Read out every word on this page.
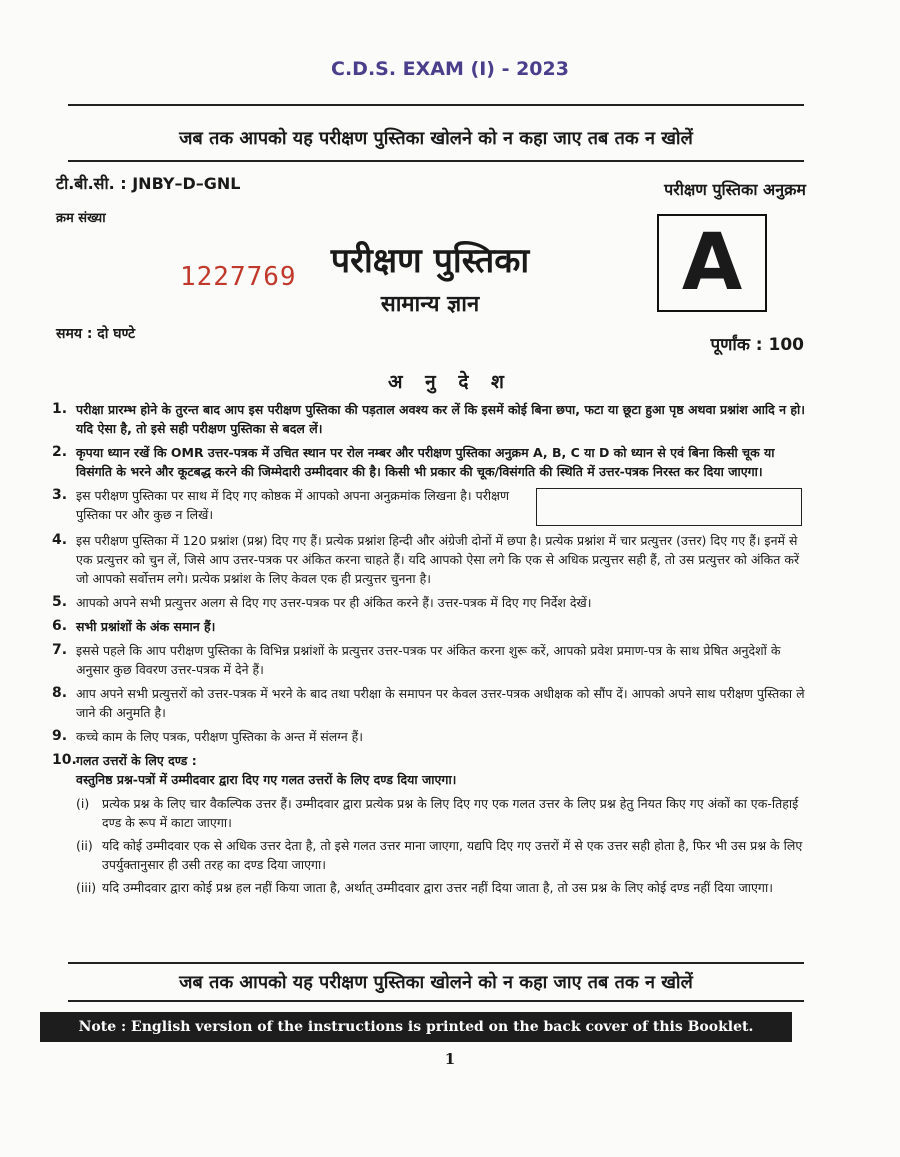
C.D.S. EXAM (I) - 2023
जब तक आपको यह परीक्षण पुस्तिका खोलने को न कहा जाए तब तक न खोलें
टी.बी.सी. : JNBY–D–GNL	परीक्षण पुस्तिका अनुक्रम
क्रम संख्या
1227769	परीक्षण पुस्तिका
सामान्य ज्ञान	A
समय : दो घण्टे
पूर्णांक : 100
अ नु दे श
1. परीक्षा प्रारम्भ होने के तुरन्त बाद आप इस परीक्षण पुस्तिका की पड़ताल अवश्य कर लें कि इसमें कोई बिना छपा, फटा या छूटा हुआ पृष्ठ अथवा प्रश्नांश आदि न हो। यदि ऐसा है, तो इसे सही परीक्षण पुस्तिका से बदल लें।
2. कृपया ध्यान रखें कि OMR उत्तर-पत्रक में उचित स्थान पर रोल नम्बर और परीक्षण पुस्तिका अनुक्रम A, B, C या D को ध्यान से एवं बिना किसी चूक या विसंगति के भरने और कूटबद्ध करने की जिम्मेदारी उम्मीदवार की है। किसी भी प्रकार की चूक/विसंगति की स्थिति में उत्तर-पत्रक निरस्त कर दिया जाएगा।
3. इस परीक्षण पुस्तिका पर साथ में दिए गए कोष्ठक में आपको अपना अनुक्रमांक लिखना है। परीक्षण पुस्तिका पर और कुछ न लिखें।
4. इस परीक्षण पुस्तिका में 120 प्रश्नांश (प्रश्न) दिए गए हैं। प्रत्येक प्रश्नांश हिन्दी और अंग्रेजी दोनों में छपा है। प्रत्येक प्रश्नांश में चार प्रत्युत्तर (उत्तर) दिए गए हैं। इनमें से एक प्रत्युत्तर को चुन लें, जिसे आप उत्तर-पत्रक पर अंकित करना चाहते हैं। यदि आपको ऐसा लगे कि एक से अधिक प्रत्युत्तर सही हैं, तो उस प्रत्युत्तर को अंकित करें जो आपको सर्वोत्तम लगे। प्रत्येक प्रश्नांश के लिए केवल एक ही प्रत्युत्तर चुनना है।
5. आपको अपने सभी प्रत्युत्तर अलग से दिए गए उत्तर-पत्रक पर ही अंकित करने हैं। उत्तर-पत्रक में दिए गए निर्देश देखें।
6. सभी प्रश्नांशों के अंक समान हैं।
7. इससे पहले कि आप परीक्षण पुस्तिका के विभिन्न प्रश्नांशों के प्रत्युत्तर उत्तर-पत्रक पर अंकित करना शुरू करें, आपको प्रवेश प्रमाण-पत्र के साथ प्रेषित अनुदेशों के अनुसार कुछ विवरण उत्तर-पत्रक में देने हैं।
8. आप अपने सभी प्रत्युत्तरों को उत्तर-पत्रक में भरने के बाद तथा परीक्षा के समापन पर केवल उत्तर-पत्रक अधीक्षक को सौंप दें। आपको अपने साथ परीक्षण पुस्तिका ले जाने की अनुमति है।
9. कच्चे काम के लिए पत्रक, परीक्षण पुस्तिका के अन्त में संलग्न हैं।
10. गलत उत्तरों के लिए दण्ड :
वस्तुनिष्ठ प्रश्न-पत्रों में उम्मीदवार द्वारा दिए गए गलत उत्तरों के लिए दण्ड दिया जाएगा।
(i) प्रत्येक प्रश्न के लिए चार वैकल्पिक उत्तर हैं। उम्मीदवार द्वारा प्रत्येक प्रश्न के लिए दिए गए एक गलत उत्तर के लिए प्रश्न हेतु नियत किए गए अंकों का एक-तिहाई दण्ड के रूप में काटा जाएगा।
(ii) यदि कोई उम्मीदवार एक से अधिक उत्तर देता है, तो इसे गलत उत्तर माना जाएगा, यद्यपि दिए गए उत्तरों में से एक उत्तर सही होता है, फिर भी उस प्रश्न के लिए उपर्युक्तानुसार ही उसी तरह का दण्ड दिया जाएगा।
(iii) यदि उम्मीदवार द्वारा कोई प्रश्न हल नहीं किया जाता है, अर्थात् उम्मीदवार द्वारा उत्तर नहीं दिया जाता है, तो उस प्रश्न के लिए कोई दण्ड नहीं दिया जाएगा।
जब तक आपको यह परीक्षण पुस्तिका खोलने को न कहा जाए तब तक न खोलें
Note : English version of the instructions is printed on the back cover of this Booklet.
1
